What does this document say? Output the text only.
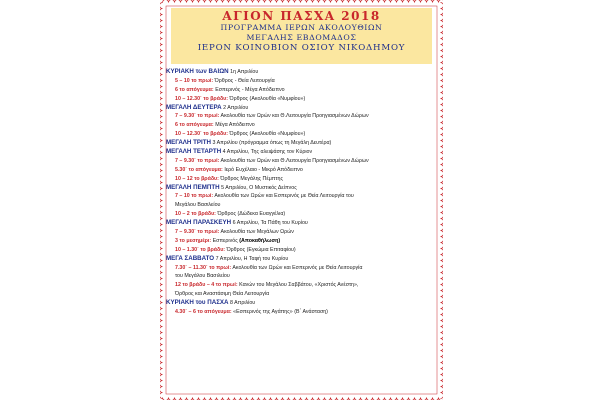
ΑΓΙΟΝ ΠΑΣΧΑ 2018
ΠΡΟΓΡΑΜΜΑ ΙΕΡΩΝ ΑΚΟΛΟΥΘΙΩΝ
ΜΕΓΑΛΗΣ ΕΒΔΟΜΑΔΟΣ
ΙΕΡΟΝ ΚΟΙΝΟΒΙΟΝ ΟΣΙΟΥ ΝΙΚΟΔΗΜΟΥ
ΚΥΡΙΑΚΗ των ΒΑΪΩΝ 1η Απριλίου
5 – 10 το πρωί: Όρθρος - Θεία Λειτουργία
6 το απόγευμα: Εσπερινός - Μέγα Απόδειπνο
10 – 12.30΄ το βράδυ: Όρθρος (Ακολουθία «Νυμφίου»)
ΜΕΓΑΛΗ ΔΕΥΤΕΡΑ 2 Απριλίου
7 – 9.30΄ το πρωί: Ακολουθία των Ωρών και Θ.Λειτουργία Προηγιασμένων Δώρων
6 το απόγευμα: Μέγα Απόδειπνο
10 – 12.30΄ το βράδυ: Όρθρος (Ακολουθία «Νυμφίου»)
ΜΕΓΑΛΗ ΤΡΙΤΗ 3 Απριλίου (πρόγραμμα όπως τη Μεγάλη Δευτέρα)
ΜΕΓΑΛΗ ΤΕΤΑΡΤΗ 4 Απριλίου, Της αλειψάσης τον Κύριον
7 – 9.30΄ το πρωί: Ακολουθία των Ωρών και Θ.Λειτουργία Προηγιασμένων Δώρων
5.30΄ το απόγευμα: Ιερό Ευχέλαιο - Μικρό Απόδειπνο
10 – 12 το βράδυ: Όρθρος Μεγάλης Πέμπτης
ΜΕΓΑΛΗ ΠΕΜΠΤΗ 5 Απριλίου, Ο Μυστικός Δείπνος
7 – 10 το πρωί: Ακολουθία των Ωρών και Εσπερινός με Θεία Λειτουργία του
Μεγάλου Βασιλείου
10 – 2 το βράδυ: Όρθρος (Δώδεκα Ευαγγέλια)
ΜΕΓΑΛΗ ΠΑΡΑΣΚΕΥΗ 6 Απριλίου, Τα Πάθη του Κυρίου
7 – 9.30΄ το πρωί: Ακολουθία των Μεγάλων Ωρών
3 το μεσημέρι: Εσπερινός (Αποκαθήλωση)
10 – 1.30΄ το βράδυ: Όρθρος (Εγκώμια Επιταφίου)
ΜΕΓΑ ΣΑΒΒΑΤΟ 7 Απριλίου, Η Ταφή του Κυρίου
7.30΄ – 11.30΄ το πρωί: Ακολουθία των Ωρών και Εσπερινός με Θεία Λειτουργία
του Μεγάλου Βασιλείου
12 το βράδυ – 4 το πρωί: Κανών του Μεγάλου Σαββάτου, «Χριστός Ανέστη»,
Όρθρος και Αναστάσιμη Θεία Λειτουργία
ΚΥΡΙΑΚΗ του ΠΑΣΧΑ 8 Απριλίου
4.30΄ – 6 το απόγευμα: «Εσπερινός της Αγάπης» (Β΄ Ανάσταση)
